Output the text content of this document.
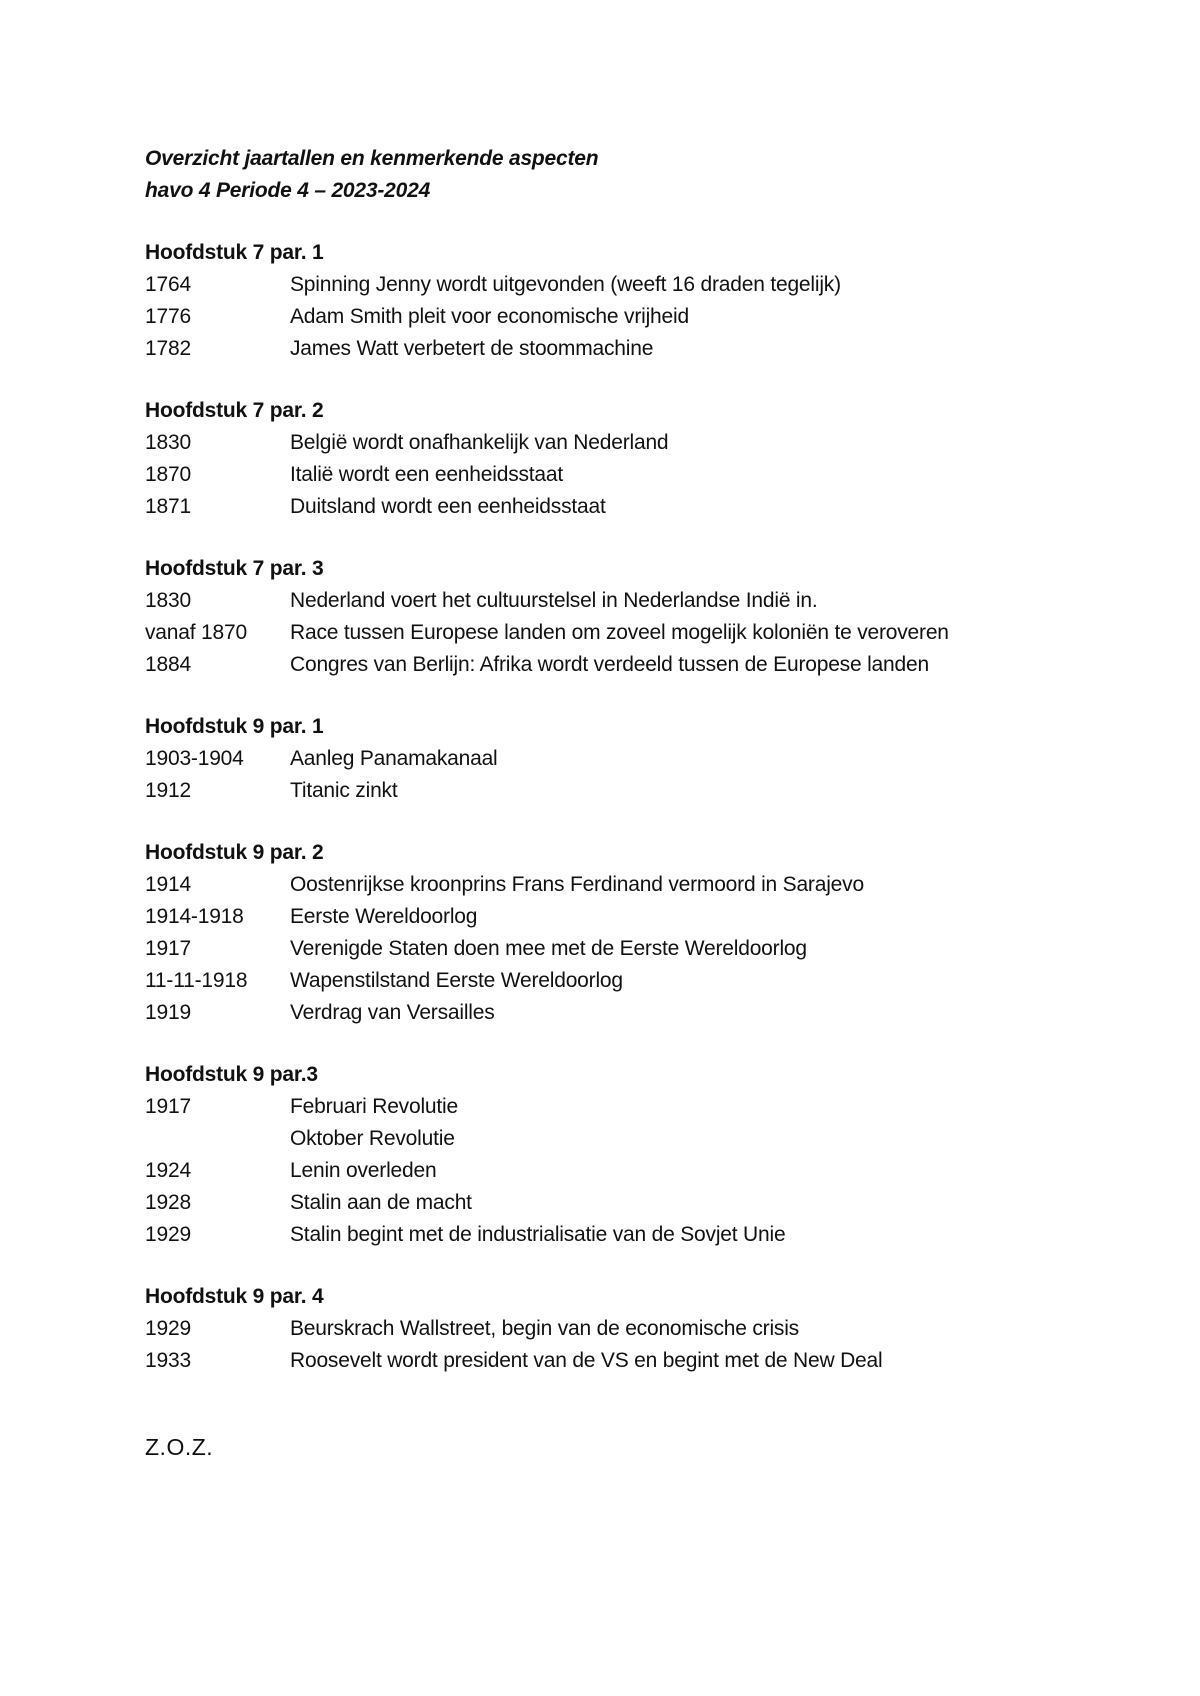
Overzicht jaartallen en kenmerkende aspecten

havo 4 Periode 4 – 2023-2024

Hoofdstuk 7 par. 1

1764	Spinning Jenny wordt uitgevonden (weeft 16 draden tegelijk)
1776	Adam Smith pleit voor economische vrijheid
1782	James Watt verbetert de stoommachine

Hoofdstuk 7 par. 2

1830	België wordt onafhankelijk van Nederland
1870	Italië wordt een eenheidsstaat
1871	Duitsland wordt een eenheidsstaat

Hoofdstuk 7 par. 3

1830	Nederland voert het cultuurstelsel in Nederlandse Indië in.
vanaf 1870	Race tussen Europese landen om zoveel mogelijk koloniën te veroveren
1884	Congres van Berlijn: Afrika wordt verdeeld tussen de Europese landen

Hoofdstuk 9 par. 1

1903-1904	Aanleg Panamakanaal
1912	Titanic zinkt

Hoofdstuk 9 par. 2

1914	Oostenrijkse kroonprins Frans Ferdinand vermoord in Sarajevo
1914-1918	Eerste Wereldoorlog
1917	Verenigde Staten doen mee met de Eerste Wereldoorlog
11-11-1918	Wapenstilstand Eerste Wereldoorlog
1919	Verdrag van Versailles

Hoofdstuk 9 par.3

1917	Februari Revolutie
Oktober Revolutie
1924	Lenin overleden
1928	Stalin aan de macht
1929	Stalin begint met de industrialisatie van de Sovjet Unie

Hoofdstuk 9 par. 4

1929	Beurskrach Wallstreet, begin van de economische crisis
1933	Roosevelt wordt president van de VS en begint met de New Deal
Z.O.Z.
